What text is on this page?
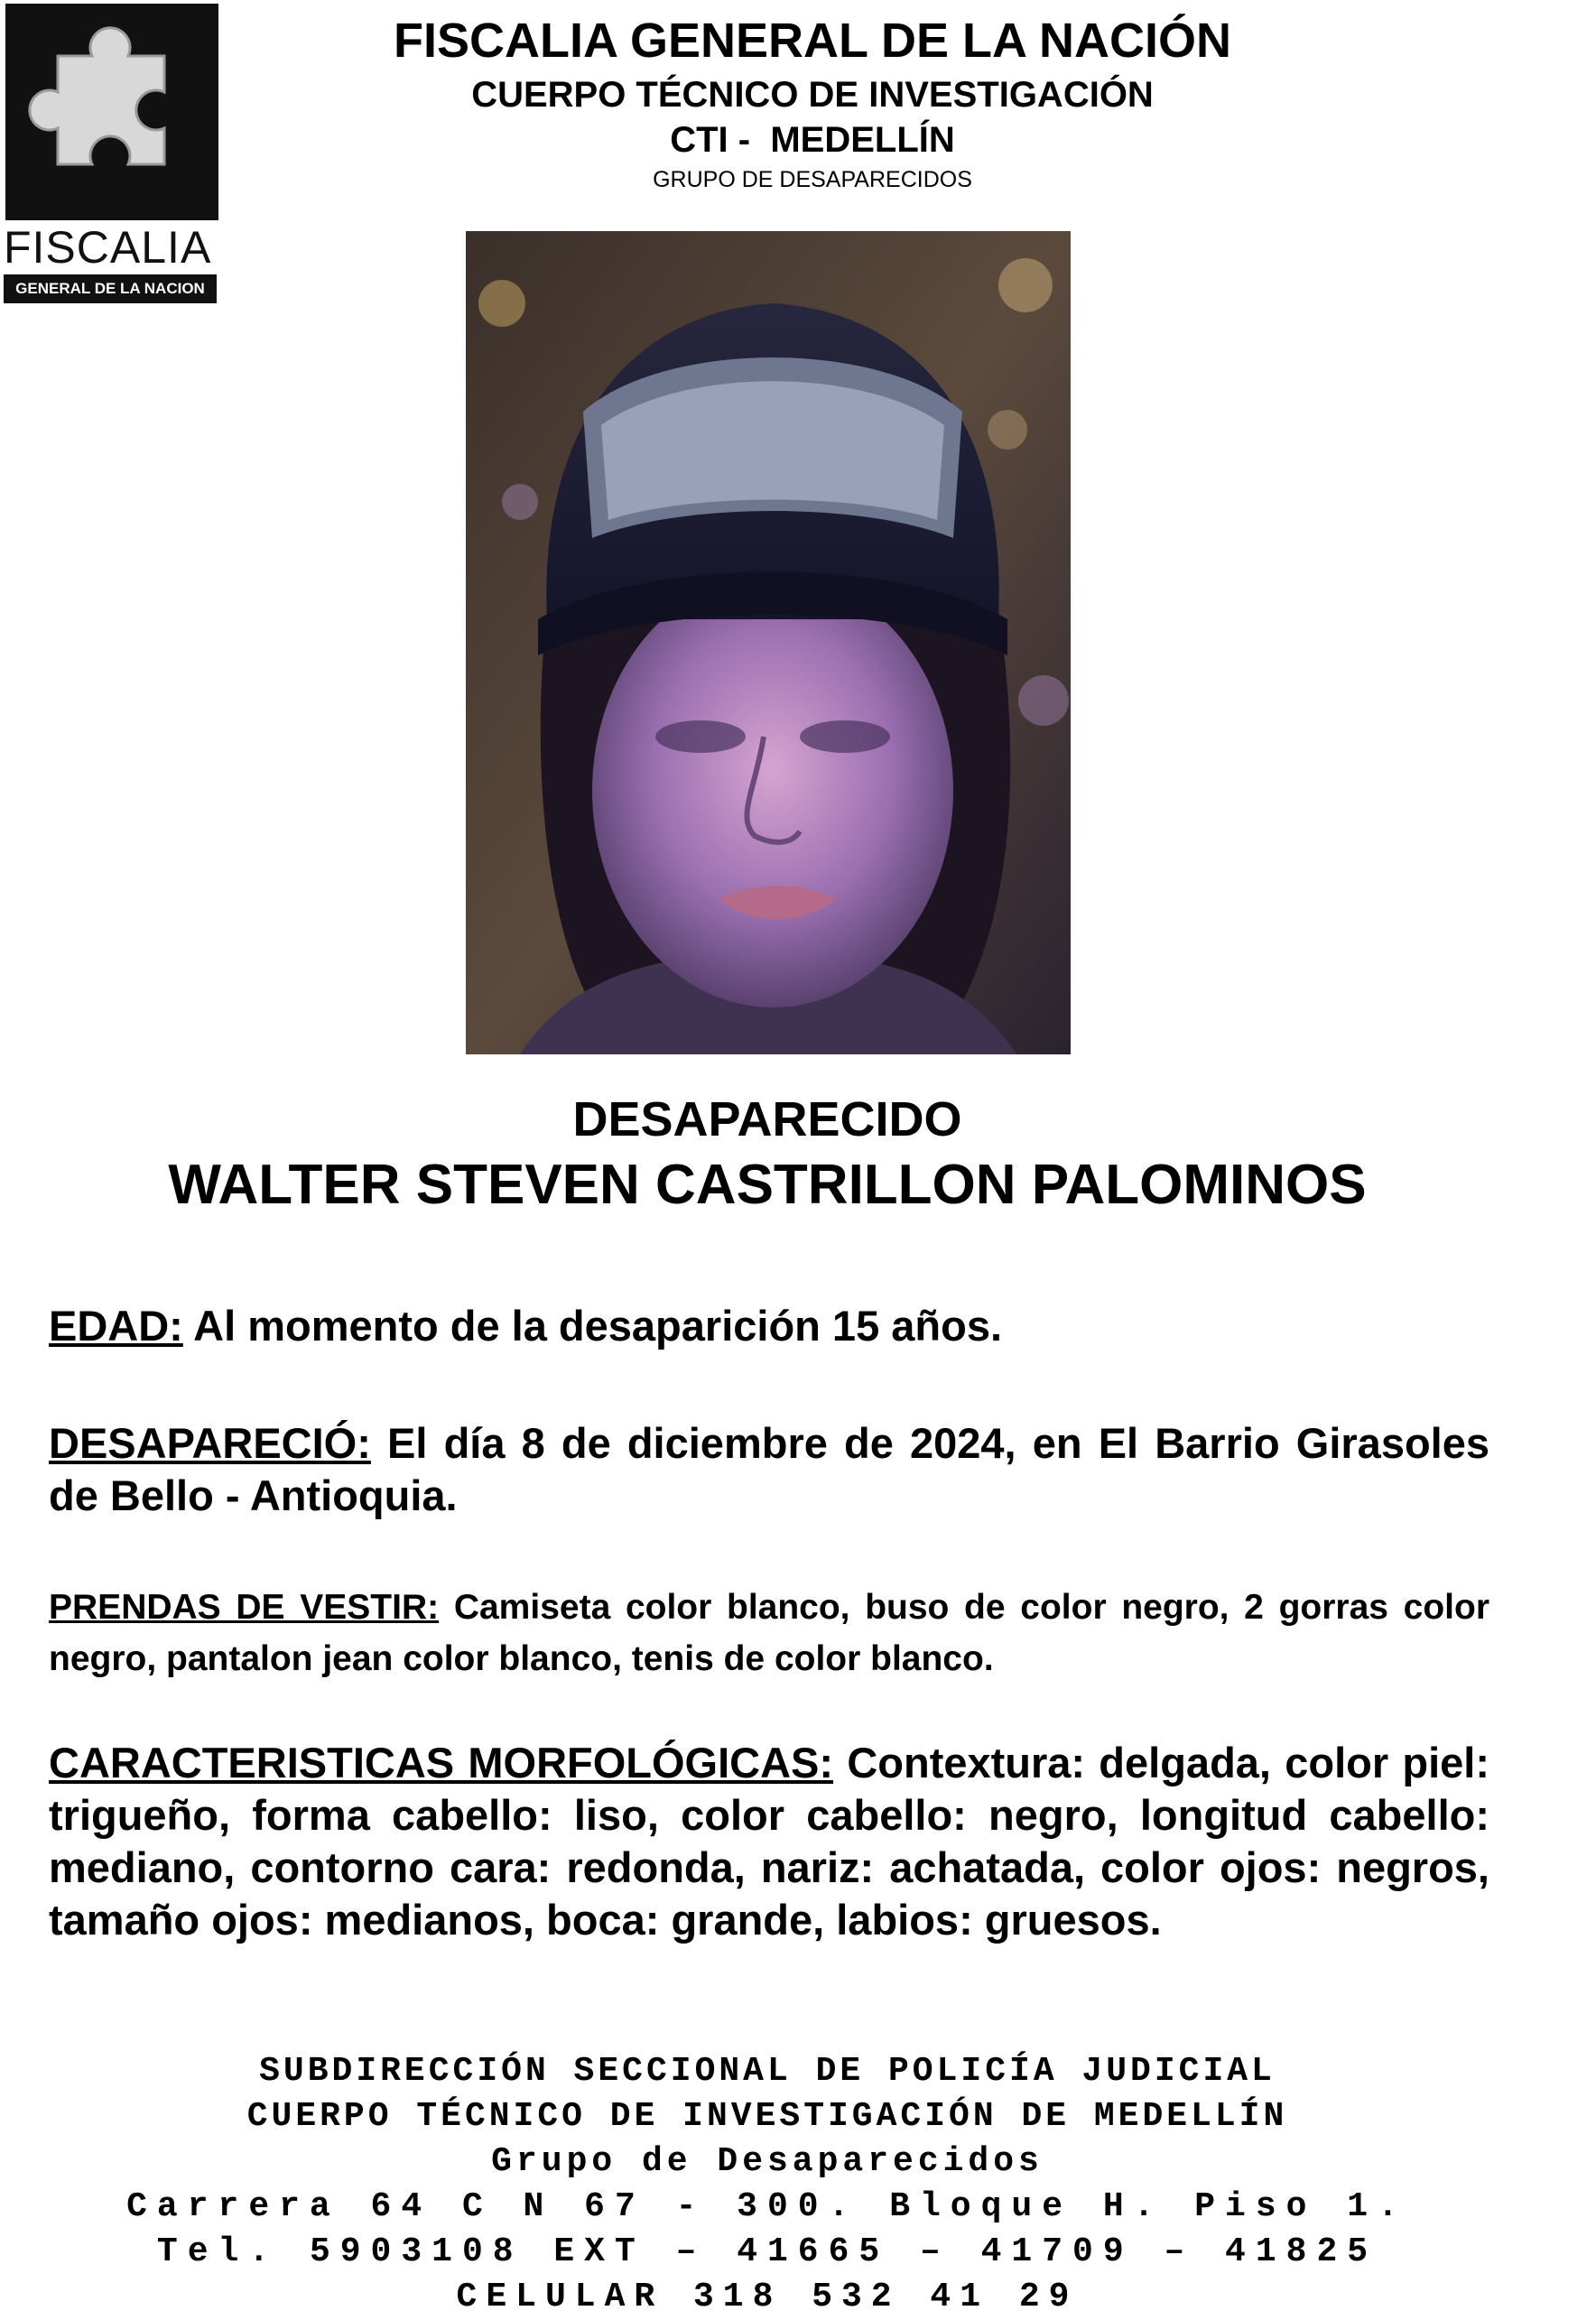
FISCALIA
GENERAL DE LA NACION
FISCALIA GENERAL DE LA NACIÓN
CUERPO TÉCNICO DE INVESTIGACIÓN
CTI -  MEDELLÍN
GRUPO DE DESAPARECIDOS
DESAPARECIDO
WALTER STEVEN CASTRILLON PALOMINOS
EDAD: Al momento de la desaparición 15 años.
DESAPARECIÓ: El día 8 de diciembre de 2024, en El Barrio Girasoles de Bello - Antioquia.
PRENDAS DE VESTIR: Camiseta color blanco, buso de color negro, 2 gorras color negro, pantalon jean color blanco, tenis de color blanco.
CARACTERISTICAS MORFOLÓGICAS: Contextura: delgada, color piel: trigueño, forma cabello: liso, color cabello: negro, longitud cabello: mediano, contorno cara: redonda, nariz: achatada, color ojos: negros, tamaño ojos: medianos, boca: grande, labios: gruesos.
SUBDIRECCIÓN SECCIONAL DE POLICÍA JUDICIAL
CUERPO TÉCNICO DE INVESTIGACIÓN DE MEDELLÍN
Grupo de Desaparecidos
Carrera 64 C N 67 - 300. Bloque H. Piso 1.
Tel. 5903108 EXT – 41665 – 41709 – 41825
CELULAR 318 532 41 29
